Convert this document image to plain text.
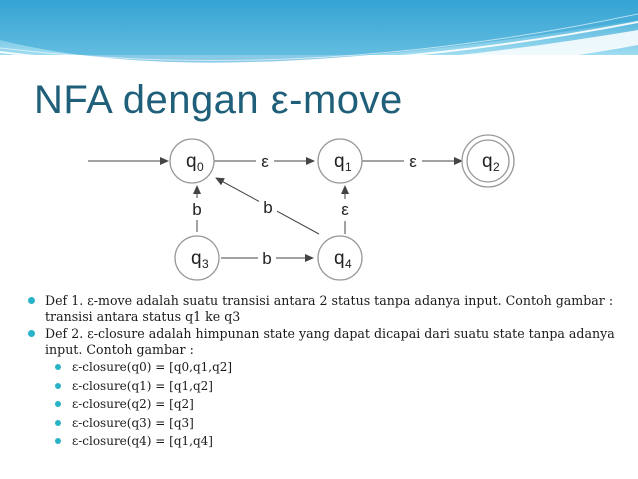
NFA dengan ε-move
ε	ε
b	b
b
ε
q 0	q 1	q 2
q 3	q 4
Def 1. ε-move adalah suatu transisi antara 2 status tanpa adanya input. Contoh gambar : transisi antara status q1 ke q3
Def 2. ε-closure adalah himpunan state yang dapat dicapai dari suatu state tanpa adanya input. Contoh gambar :
ε-closure(q0) = [q0,q1,q2]
ε-closure(q1) = [q1,q2]
ε-closure(q2) = [q2]
ε-closure(q3) = [q3]
ε-closure(q4) = [q1,q4]
